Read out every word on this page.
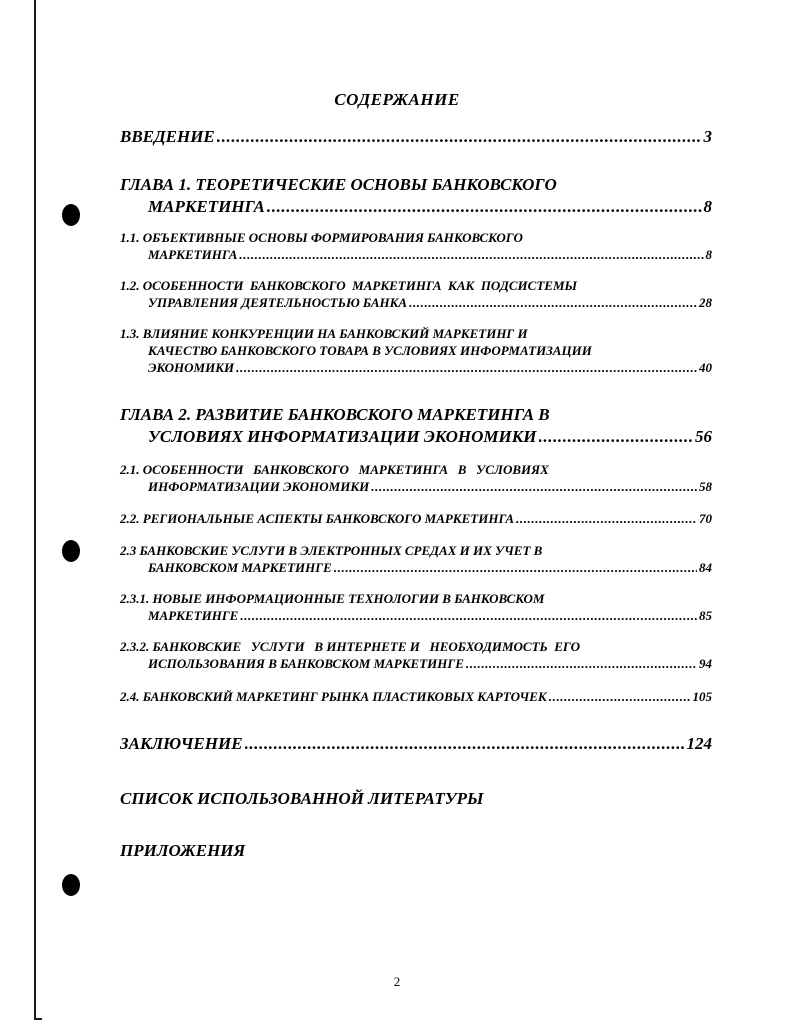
СОДЕРЖАНИЕ
ВВЕДЕНИЕ .....	3
ГЛАВА 1. ТЕОРЕТИЧЕСКИЕ ОСНОВЫ БАНКОВСКОГО
МАРКЕТИНГА .....	8
1.1. ОБЪЕКТИВНЫЕ ОСНОВЫ ФОРМИРОВАНИЯ БАНКОВСКОГО
МАРКЕТИНГА .....	8
1.2. ОСОБЕННОСТИ  БАНКОВСКОГО  МАРКЕТИНГА  КАК  ПОДСИСТЕМЫ
УПРАВЛЕНИЯ ДЕЯТЕЛЬНОСТЬЮ БАНКА .....	28
1.3. ВЛИЯНИЕ КОНКУРЕНЦИИ НА БАНКОВСКИЙ МАРКЕТИНГ И
КАЧЕСТВО БАНКОВСКОГО ТОВАРА В УСЛОВИЯХ ИНФОРМАТИЗАЦИИ
ЭКОНОМИКИ .....	40
ГЛАВА 2. РАЗВИТИЕ БАНКОВСКОГО МАРКЕТИНГА В
УСЛОВИЯХ ИНФОРМАТИЗАЦИИ ЭКОНОМИКИ .....	56
2.1. ОСОБЕННОСТИ   БАНКОВСКОГО   МАРКЕТИНГА   В   УСЛОВИЯХ
ИНФОРМАТИЗАЦИИ ЭКОНОМИКИ .....	58
2.2. РЕГИОНАЛЬНЫЕ АСПЕКТЫ БАНКОВСКОГО МАРКЕТИНГА .....	70
2.3 БАНКОВСКИЕ УСЛУГИ В ЭЛЕКТРОННЫХ СРЕДАХ И ИХ УЧЕТ В
БАНКОВСКОМ МАРКЕТИНГЕ .....	84
2.3.1. НОВЫЕ ИНФОРМАЦИОННЫЕ ТЕХНОЛОГИИ В БАНКОВСКОМ
МАРКЕТИНГЕ .....	85
2.3.2. БАНКОВСКИЕ   УСЛУГИ   В ИНТЕРНЕТЕ И   НЕОБХОДИМОСТЬ  ЕГО
ИСПОЛЬЗОВАНИЯ В БАНКОВСКОМ МАРКЕТИНГЕ .....	94
2.4. БАНКОВСКИЙ МАРКЕТИНГ РЫНКА ПЛАСТИКОВЫХ КАРТОЧЕК .....	105
ЗАКЛЮЧЕНИЕ .....	124
СПИСОК ИСПОЛЬЗОВАННОЙ ЛИТЕРАТУРЫ
ПРИЛОЖЕНИЯ
2
